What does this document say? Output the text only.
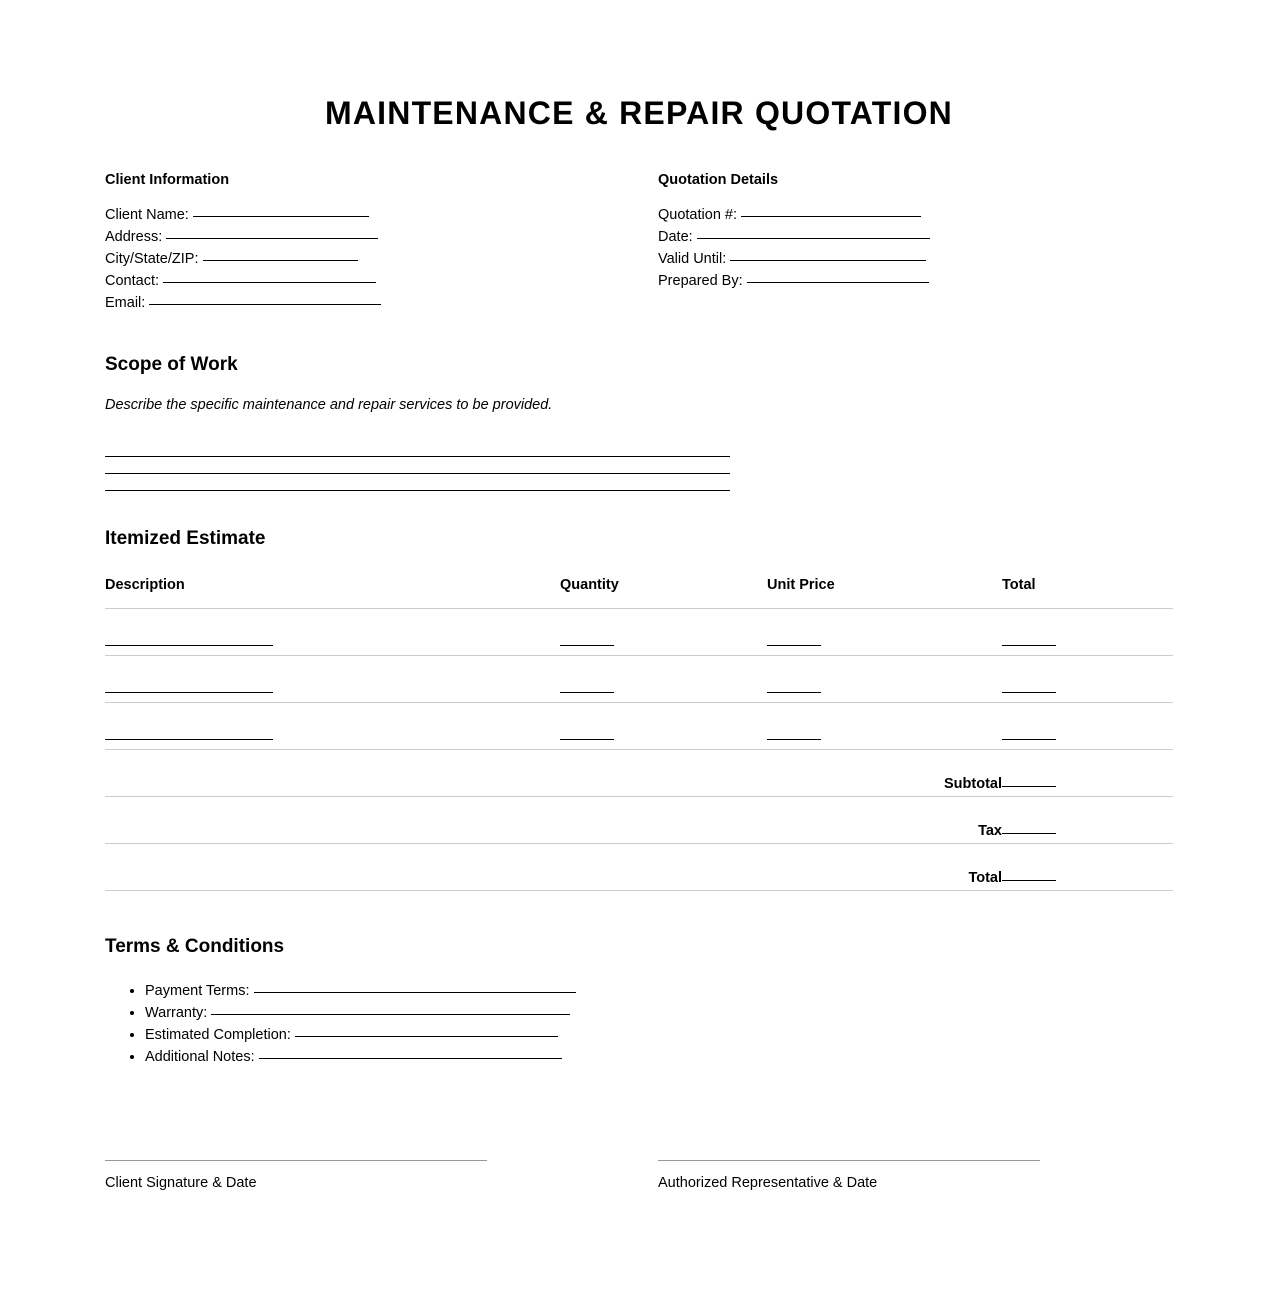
MAINTENANCE & REPAIR QUOTATION
Client Information
Client Name:
Address:
City/State/ZIP:
Contact:
Email:
Quotation Details
Quotation #:
Date:
Valid Until:
Prepared By:
Scope of Work

Describe the specific maintenance and repair services to be provided.

Itemized Estimate
Description	Quantity	Unit Price	Total

Subtotal			
Tax			
Total			
Terms & Conditions
• Payment Terms:
• Warranty:
• Estimated Completion:
• Additional Notes:
Client Signature & Date	Authorized Representative & Date
